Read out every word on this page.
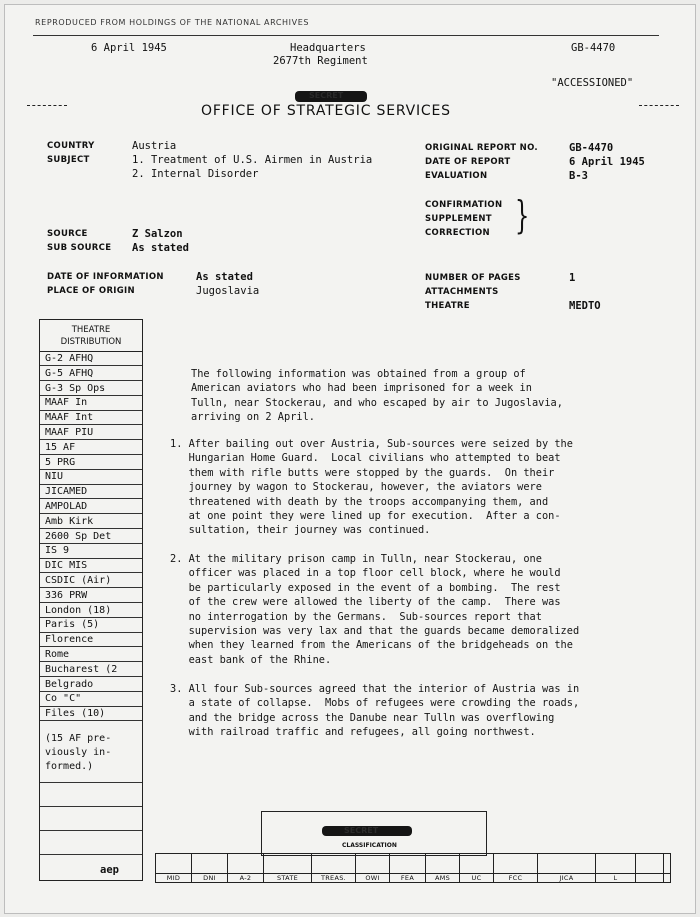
REPRODUCED FROM HOLDINGS OF THE NATIONAL ARCHIVES
6 April 1945	Headquarters
2677th Regiment
GB-4470
"ACCESSIONED"
SECRET
OFFICE OF STRATEGIC SERVICES
COUNTRY	Austria
SUBJECT	1. Treatment of U.S. Airmen in Austria
2. Internal Disorder
ORIGINAL REPORT NO.	GB-4470
DATE OF REPORT	6 April 1945
EVALUATION	B-3
CONFIRMATION
SUPPLEMENT
CORRECTION }
SOURCE	Z Salzon
SUB SOURCE As stated
DATE OF INFORMATION	As stated
PLACE OF ORIGIN	Jugoslavia
NUMBER OF PAGES	1
ATTACHMENTS
THEATRE	MEDTO
THEATRE
DISTRIBUTION
G-2 AFHQ
G-5 AFHQ
G-3 Sp Ops
MAAF In
MAAF Int
MAAF PIU
15 AF
5 PRG
NIU
JICAMED
AMPOLAD
Amb Kirk
2600 Sp Det
IS 9
DIC MIS
CSDIC (Air)
336 PRW
London (18)
Paris (5)
Florence
Rome
Bucharest (2
Belgrado
Co "C"
Files (10)
(15 AF pre-
viously in-
formed.)
aep
The following information was obtained from a group of
American aviators who had been imprisoned for a week in
Tulln, near Stockerau, and who escaped by air to Jugoslavia,
arriving on 2 April.
1. After bailing out over Austria, Sub-sources were seized by the
Hungarian Home Guard.  Local civilians who attempted to beat
them with rifle butts were stopped by the guards.  On their
journey by wagon to Stockerau, however, the aviators were
threatened with death by the troops accompanying them, and
at one point they were lined up for execution.  After a con-
sultation, their journey was continued.
2. At the military prison camp in Tulln, near Stockerau, one
officer was placed in a top floor cell block, where he would
be particularly exposed in the event of a bombing.  The rest
of the crew were allowed the liberty of the camp.  There was
no interrogation by the Germans.  Sub-sources report that
supervision was very lax and that the guards became demoralized
when they learned from the Americans of the bridgeheads on the
east bank of the Rhine.
3. All four Sub-sources agreed that the interior of Austria was in
a state of collapse.  Mobs of refugees were crowding the roads,
and the bridge across the Danube near Tulln was overflowing
with railroad traffic and refugees, all going northwest.
SECRET
CLASSIFICATION
MID	DNI	A-2	STATE	TREAS.	OWI	FEA	AMS	UC	FCC	JICA	L
